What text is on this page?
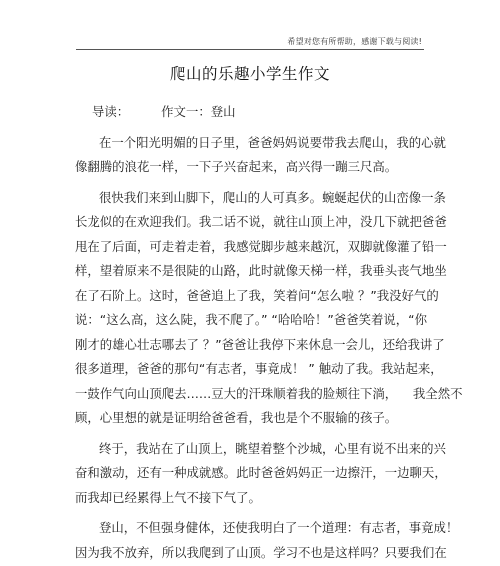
希望对您有所帮助，感谢下载与阅读!
爬山的乐趣小学生作文
导读：	作文一：登山
在一个阳光明媚的日子里，爸爸妈妈说要带我去爬山，我的心就
像翻腾的浪花一样，一下子兴奋起来，高兴得一蹦三尺高。
很快我们来到山脚下，爬山的人可真多。蜿蜒起伏的山峦像一条
长龙似的在欢迎我们。我二话不说，就往山顶上冲，没几下就把爸爸
甩在了后面，可走着走着，我感觉脚步越来越沉，双脚就像灌了铅一
样，望着原来不是很陡的山路，此时就像天梯一样，我垂头丧气地坐
在了石阶上。这时，爸爸追上了我，笑着问“怎么啦 ？”我没好气的
说：“这么高，这么陡，我不爬了。” “哈哈哈！”爸爸笑着说，“你
刚才的雄心壮志哪去了 ？”爸爸让我停下来休息一会儿，还给我讲了
很多道理，爸爸的那句“有志者，事竟成！ ” 触动了我。我站起来，
一鼓作气向山顶爬去……豆大的汗珠顺着我的脸颊往下淌，    我全然不
顾，心里想的就是证明给爸爸看，我也是个不服输的孩子。
终于，我站在了山顶上，眺望着整个沙城，心里有说不出来的兴
奋和激动，还有一种成就感。此时爸爸妈妈正一边擦汗，一边聊天，
而我却已经累得上气不接下气了。
登山，不但强身健体，还使我明白了一个道理：有志者，事竟成！
因为我不放弃，所以我爬到了山顶。学习不也是这样吗？只要我们在
